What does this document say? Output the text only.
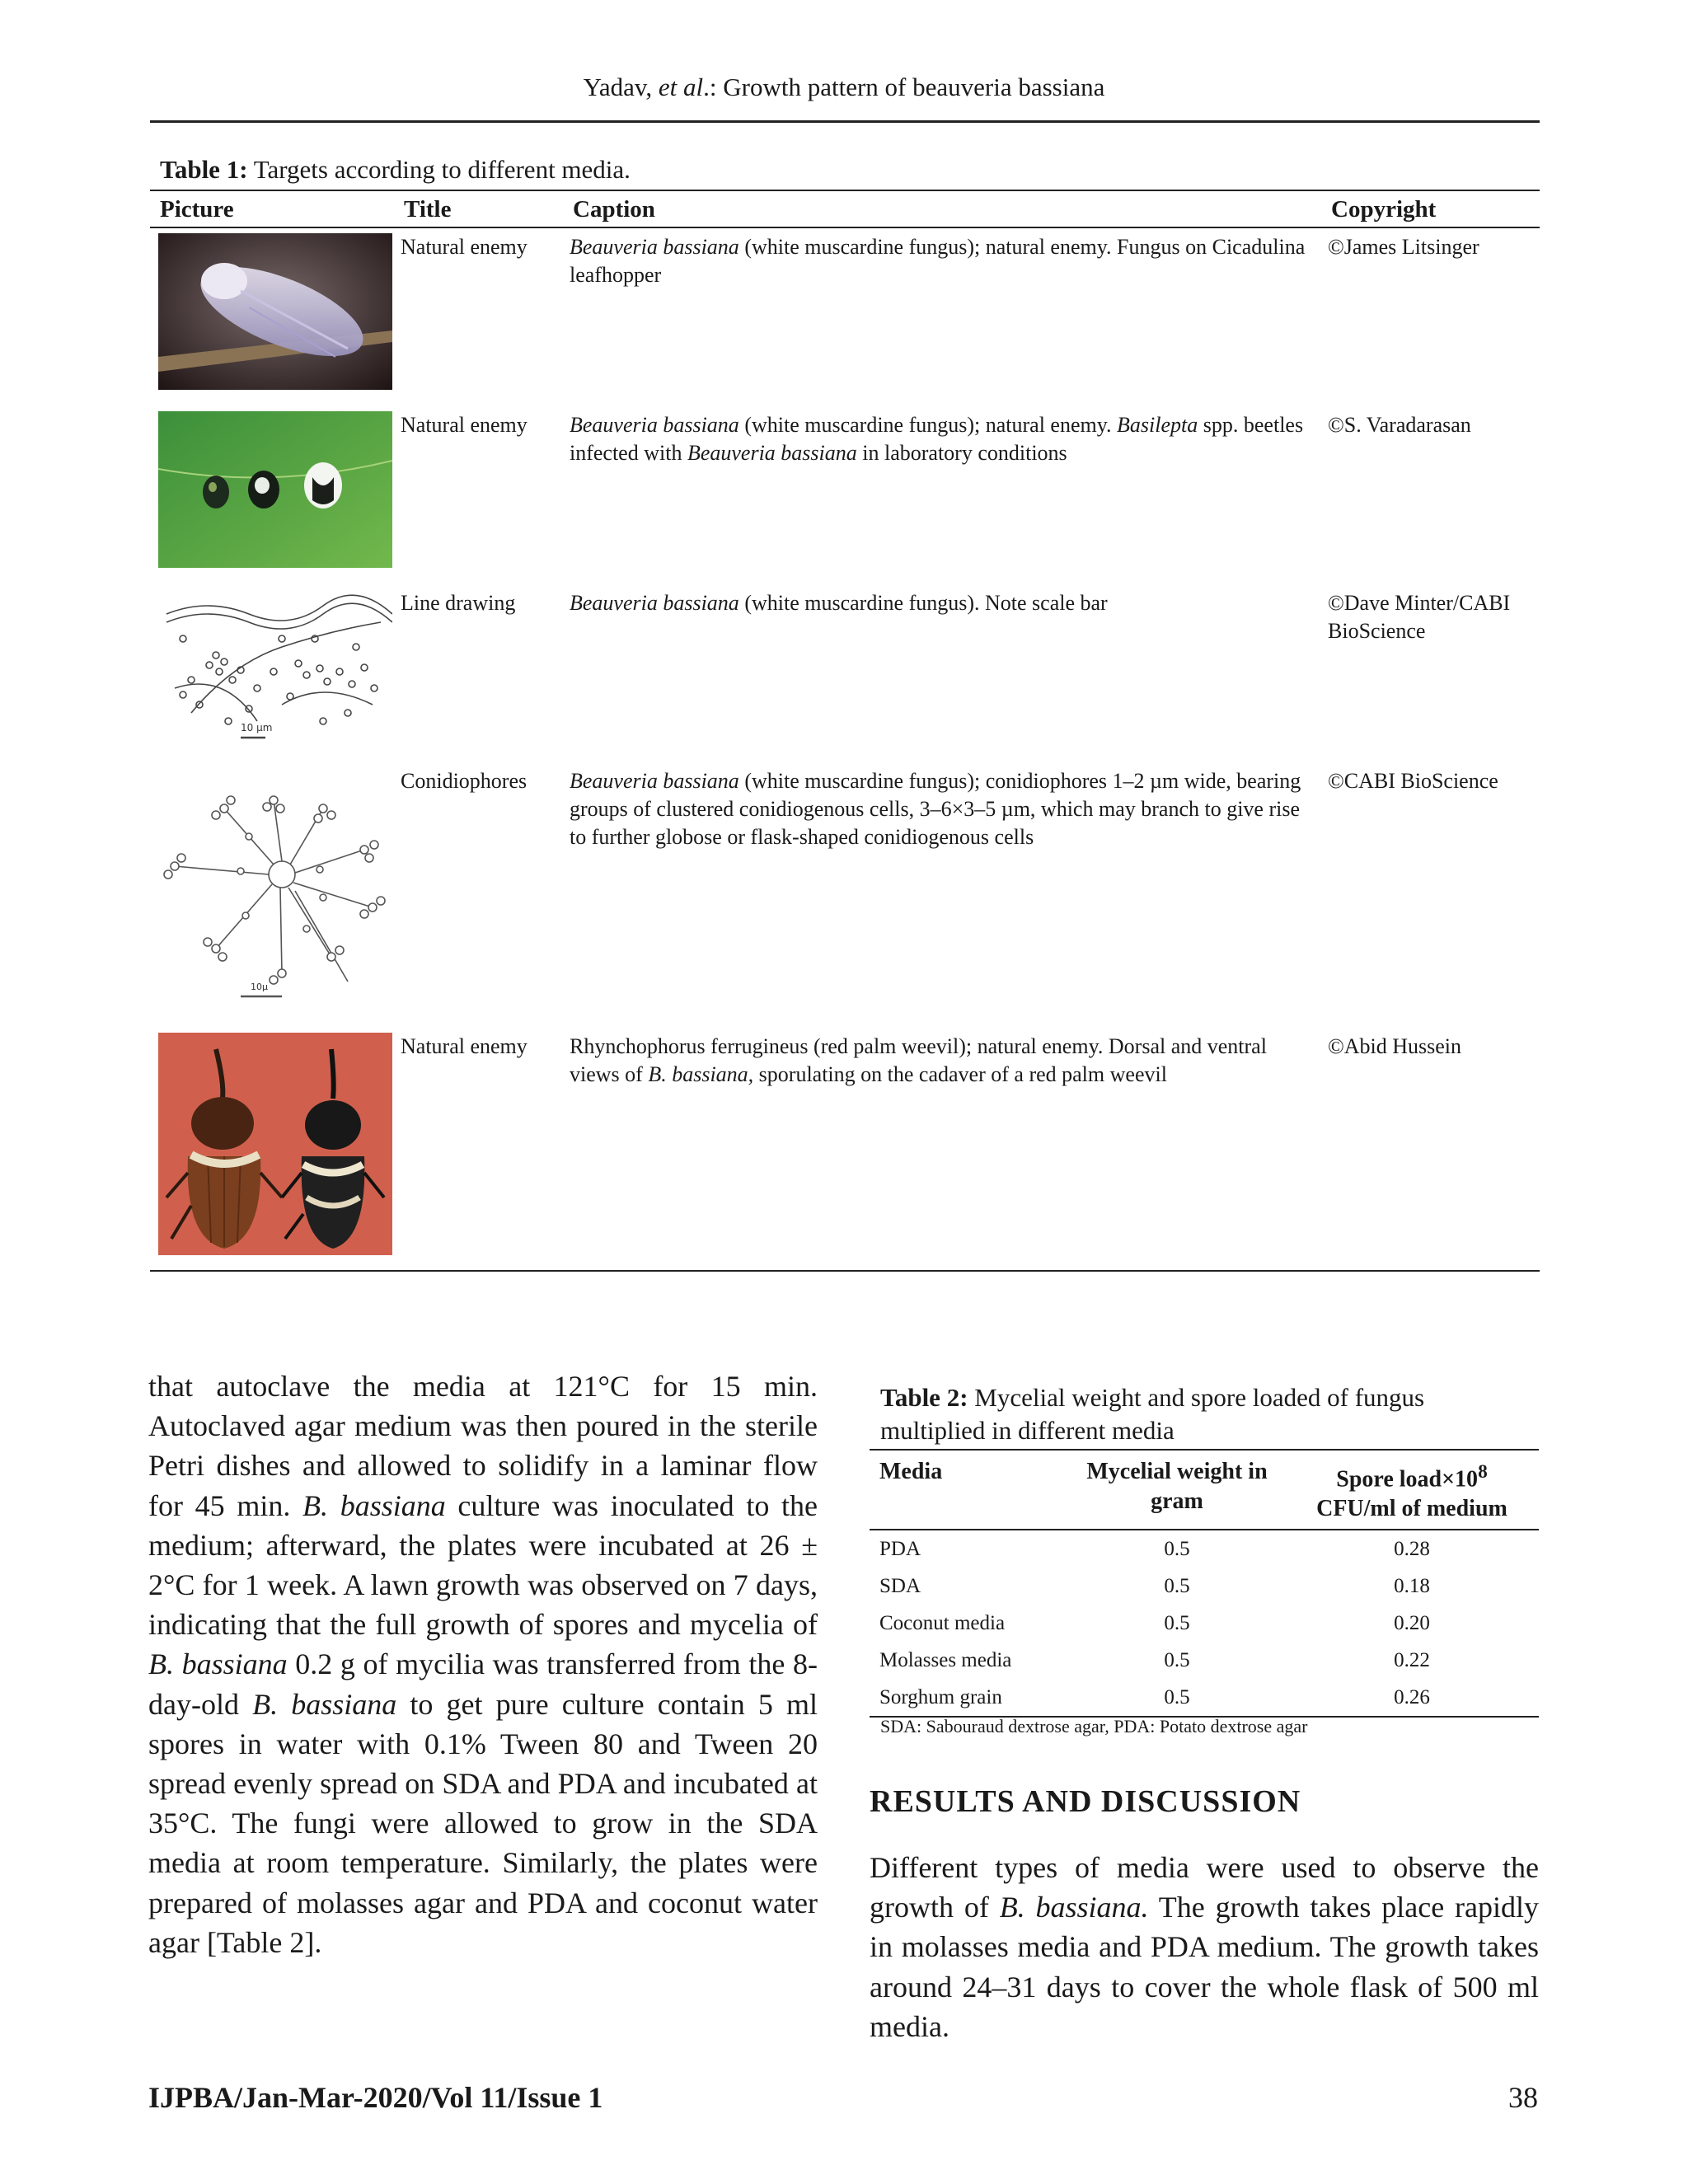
Yadav, et al.: Growth pattern of beauveria bassiana
Table 1: Targets according to different media.
Picture	Title	Caption	Copyright

	Natural enemy	Beauveria bassiana (white muscardine fungus); natural enemy. Fungus on Cicadulina leafhopper	©James Litsinger

	Natural enemy	Beauveria bassiana (white muscardine fungus); natural enemy. Basilepta spp. beetles infected with Beauveria bassiana in laboratory conditions	©S. Varadarasan

10 µm	Line drawing	Beauveria bassiana (white muscardine fungus). Note scale bar	©Dave Minter/CABI BioScience

10µ	Conidiophores	Beauveria bassiana (white muscardine fungus); conidiophores 1–2 µm wide, bearing groups of clustered conidiogenous cells, 3–6×3–5 µm, which may branch to give rise to further globose or flask-shaped conidiogenous cells	©CABI BioScience

	Natural enemy	Rhynchophorus ferrugineus (red palm weevil); natural enemy. Dorsal and ventral views of B. bassiana, sporulating on the cadaver of a red palm weevil	©Abid Hussein

that autoclave the media at 121°C for 15 min. Autoclaved agar medium was then poured in the sterile Petri dishes and allowed to solidify in a laminar flow for 45 min. B. bassiana culture was inoculated to the medium; afterward, the plates were incubated at 26 ± 2°C for 1 week. A lawn growth was observed on 7 days, indicating that the full growth of spores and mycelia of B. bassiana 0.2 g of mycilia was transferred from the 8-day-old B. bassiana to get pure culture contain 5 ml spores in water with 0.1% Tween 80 and Tween 20 spread evenly spread on SDA and PDA and incubated at 35°C. The fungi were allowed to grow in the SDA media at room temperature. Similarly, the plates were prepared of molasses agar and PDA and coconut water agar [Table 2].

Table 2: Mycelial weight and spore loaded of fungus multiplied in different media
Media	Mycelial weight in gram	Spore $load\times 10^8$
CFU/ml of medium
PDA	0.5	0.28
SDA	0.5	0.18
Coconut media	0.5	0.20
Molasses media	0.5	0.22
Sorghum grain	0.5	0.26
SDA: Sabouraud dextrose agar, PDA: Potato dextrose agar
RESULTS AND DISCUSSION

Different types of media were used to observe the growth of B. bassiana. The growth takes place rapidly in molasses media and PDA medium. The growth takes around 24–31 days to cover the whole flask of 500 ml media.

IJPBA/Jan-Mar-2020/Vol 11/Issue 1	38
